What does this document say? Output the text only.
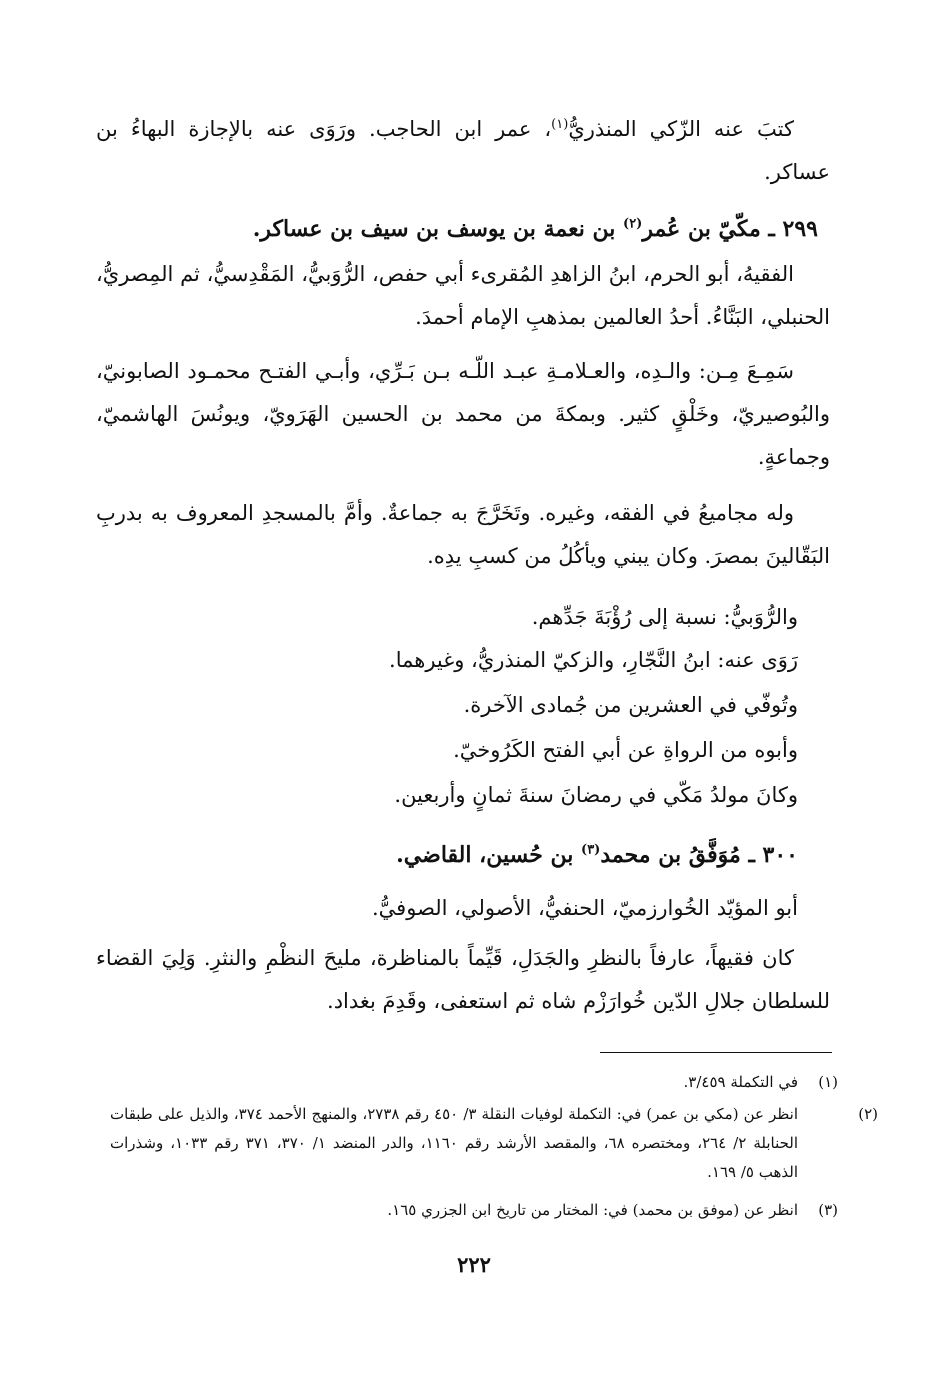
كتبَ عنه الزّكي المنذريُّ$^{(١)}$، عمر ابن الحاجب. ورَوَى عنه بالإجازة البهاءُ بن عساكر.

٢٩٩ ـ مكّيّ بن عُمر$^{(٢)}$ بن نعمة بن يوسف بن سيف بن عساكر.

الفقيهُ، أبو الحرم، ابنُ الزاهدِ المُقرىء أبي حفص، الرُّوَبيُّ، المَقْدِسيُّ، ثم المِصريُّ، الحنبلي، البَنَّاءُ. أحدُ العالمين بمذهبِ الإمام أحمدَ.

سَمِـعَ مِـن: والـدِه، والعـلامـةِ عبـد اللّـه بـن بَـرِّي، وأبـي الفتـح محمـود الصابونيّ، والبُوصيريّ، وخَلْقٍ كثير. وبمكةَ من محمد بن الحسين الهَرَويّ، ويونُسَ الهاشميّ، وجماعةٍ.

وله مجاميعُ في الفقه، وغيره. وتَخَرَّجَ به جماعةٌ. وأمَّ بالمسجدِ المعروف به بدربِ البَقّالينَ بمصرَ. وكان يبني ويأكُلُ من كسبِ يدِه.

والرُّوَبيُّ: نسبة إلى رُؤْبَةَ جَدِّهم.

رَوَى عنه: ابنُ النَّجّارِ، والزكيّ المنذريُّ، وغيرهما.

وتُوفّي في العشرين من جُمادى الآخرة.

وأبوه من الرواةِ عن أبي الفتح الكَرُوخيّ.

وكانَ مولدُ مَكّي في رمضانَ سنةَ ثمانٍ وأربعين.

٣٠٠ ـ مُوَفَّقُ بن محمد$^{(٣)}$ بن حُسين، القاضي.

أبو المؤيّد الخُوارزميّ، الحنفيُّ، الأصولي، الصوفيُّ.

كان فقيهاً، عارفاً بالنظرِ والجَدَلِ، قَيِّماً بالمناظرة، مليحَ النظْمِ والنثرِ. وَلِيَ القضاء للسلطان جلالِ الدّين خُوارَزْم شاه ثم استعفى، وقَدِمَ بغداد.

(١)في التكملة ٣/٤٥٩.

(٢)انظر عن (مكي بن عمر) في: التكملة لوفيات النقلة ٣/ ٤٥٠ رقم ٢٧٣٨، والمنهج الأحمد ٣٧٤، والذيل على طبقات الحنابلة ٢/ ٢٦٤، ومختصره ٦٨، والمقصد الأرشد رقم ١١٦٠، والدر المنضد ١/ ٣٧٠، ٣٧١ رقم ١٠٣٣، وشذرات الذهب ٥/ ١٦٩.

(٣)انظر عن (موفق بن محمد) في: المختار من تاريخ ابن الجزري ١٦٥.

٢٢٢
